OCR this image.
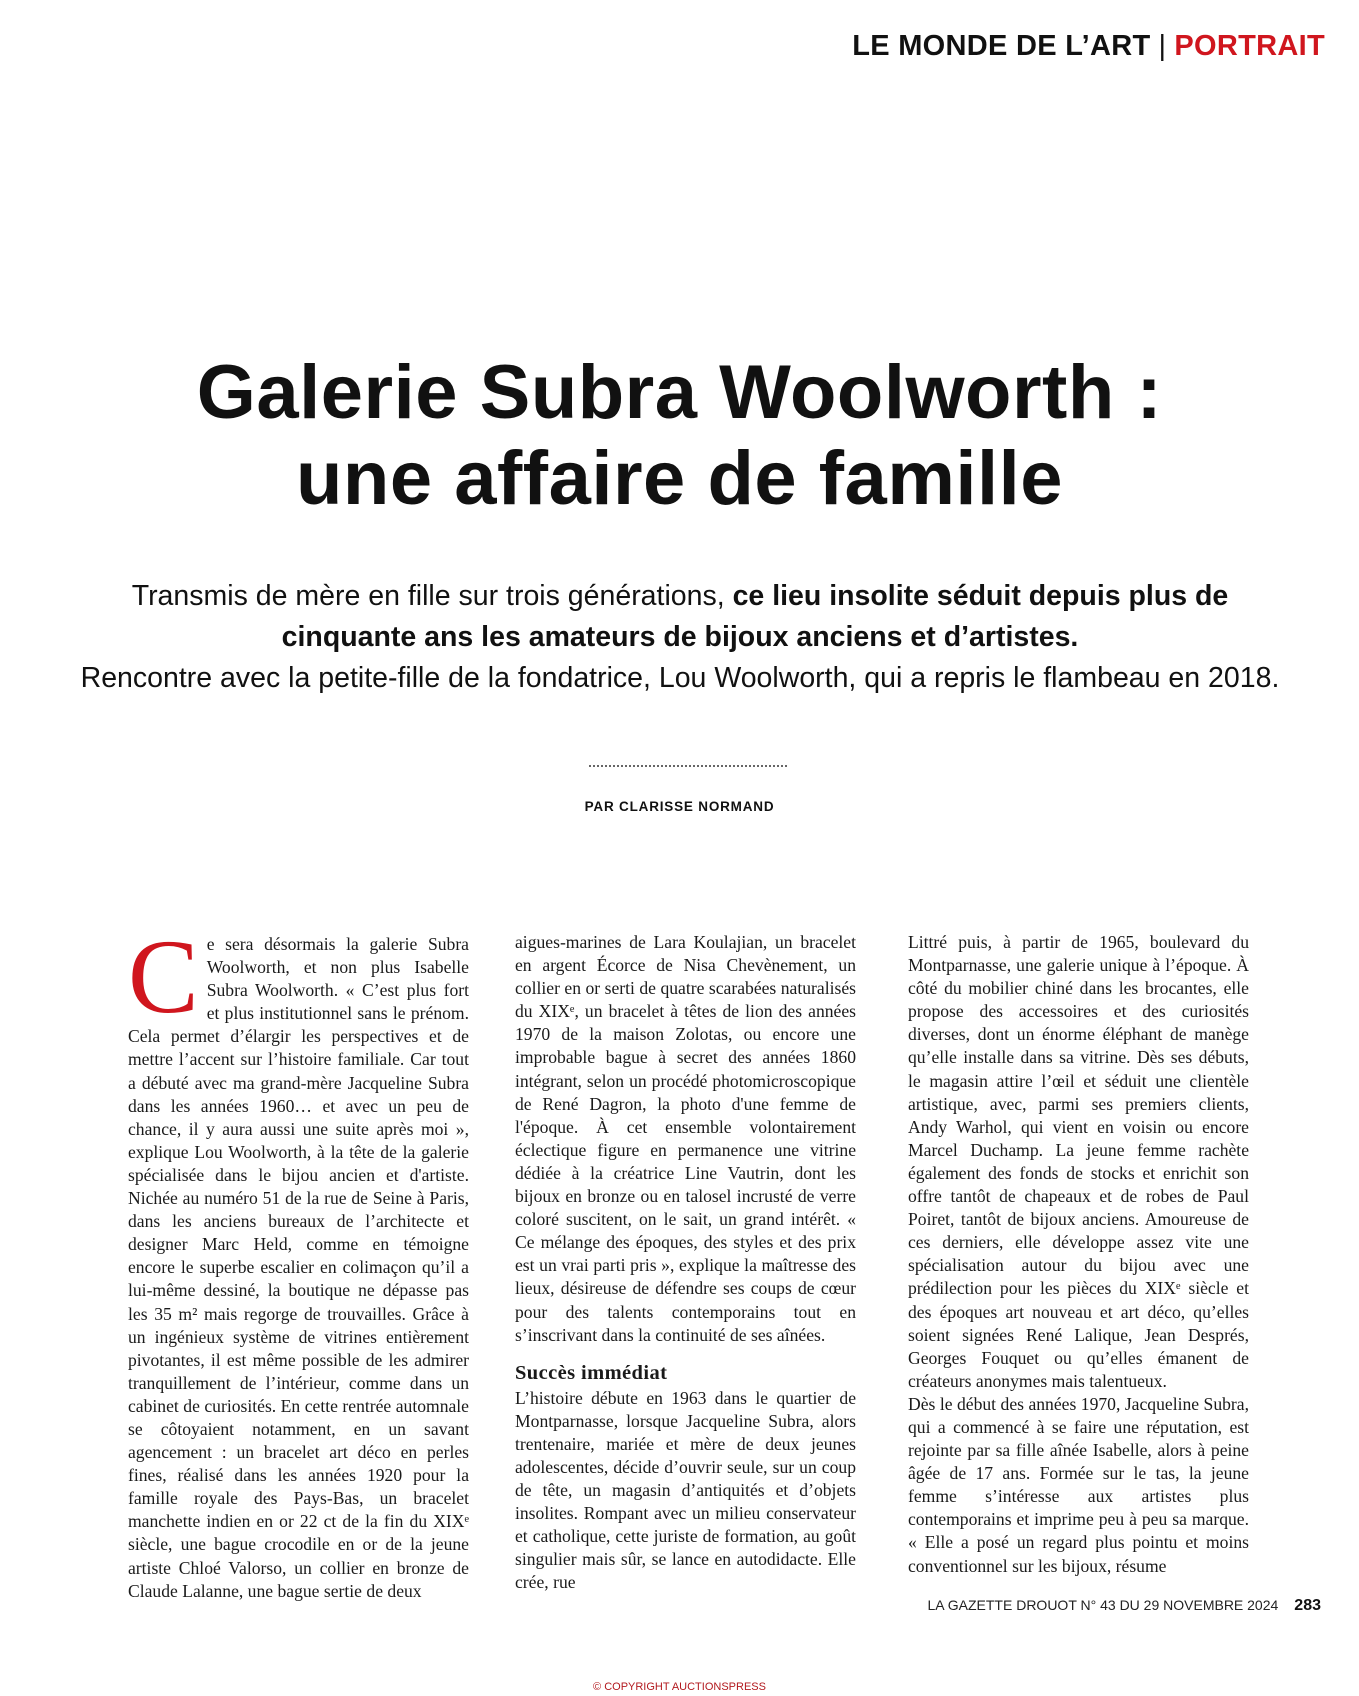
LE MONDE DE L’ART | PORTRAIT
Galerie Subra Woolworth :
une affaire de famille

Transmis de mère en fille sur trois générations, ce lieu insolite séduit depuis plus de cinquante ans les amateurs de bijoux anciens et d’artistes.
Rencontre avec la petite-fille de la fondatrice, Lou Woolworth, qui a repris le flambeau en 2018.

PAR CLARISSE NORMAND
C e sera désormais la galerie Subra Woolworth, et non plus Isabelle Subra Woolworth. « C’est plus fort et plus institutionnel sans le prénom. Cela permet d’élargir les perspectives et de mettre l’accent sur l’histoire familiale. Car tout a débuté avec ma grand-mère Jacqueline Subra dans les années 1960… et avec un peu de chance, il y aura aussi une suite après moi », explique Lou Woolworth, à la tête de la galerie spécialisée dans le bijou ancien et d'artiste. Nichée au numéro 51 de la rue de Seine à Paris, dans les anciens bureaux de l’architecte et designer Marc Held, comme en témoigne encore le superbe escalier en colimaçon qu’il a lui-même dessiné, la boutique ne dépasse pas les 35 m² mais regorge de trouvailles. Grâce à un ingénieux système de vitrines entièrement pivotantes, il est même possible de les admirer tranquillement de l’intérieur, comme dans un cabinet de curiosités. En cette rentrée automnale se côtoyaient notamment, en un savant agencement : un bracelet art déco en perles fines, réalisé dans les années 1920 pour la famille royale des Pays-Bas, un bracelet manchette indien en or 22 ct de la fin du XIXᵉ siècle, une bague crocodile en or de la jeune artiste Chloé Valorso, un collier en bronze de Claude Lalanne, une bague sertie de deux

aigues-marines de Lara Koulajian, un bracelet en argent Écorce de Nisa Chevènement, un collier en or serti de quatre scarabées naturalisés du XIXᵉ, un bracelet à têtes de lion des années 1970 de la maison Zolotas, ou encore une improbable bague à secret des années 1860 intégrant, selon un procédé photomicroscopique de René Dagron, la photo d'une femme de l'époque. À cet ensemble volontairement éclectique figure en permanence une vitrine dédiée à la créatrice Line Vautrin, dont les bijoux en bronze ou en talosel incrusté de verre coloré suscitent, on le sait, un grand intérêt. « Ce mélange des époques, des styles et des prix est un vrai parti pris », explique la maîtresse des lieux, désireuse de défendre ses coups de cœur pour des talents contemporains tout en s’inscrivant dans la continuité de ses aînées.

Succès immédiat

L’histoire débute en 1963 dans le quartier de Montparnasse, lorsque Jacqueline Subra, alors trentenaire, mariée et mère de deux jeunes adolescentes, décide d’ouvrir seule, sur un coup de tête, un magasin d’antiquités et d’objets insolites. Rompant avec un milieu conservateur et catholique, cette juriste de formation, au goût singulier mais sûr, se lance en autodidacte. Elle crée, rue

Littré puis, à partir de 1965, boulevard du Montparnasse, une galerie unique à l’époque. À côté du mobilier chiné dans les brocantes, elle propose des accessoires et des curiosités diverses, dont un énorme éléphant de manège qu’elle installe dans sa vitrine. Dès ses débuts, le magasin attire l’œil et séduit une clientèle artistique, avec, parmi ses premiers clients, Andy Warhol, qui vient en voisin ou encore Marcel Duchamp. La jeune femme rachète également des fonds de stocks et enrichit son offre tantôt de chapeaux et de robes de Paul Poiret, tantôt de bijoux anciens. Amoureuse de ces derniers, elle développe assez vite une spécialisation autour du bijou avec une prédilection pour les pièces du XIXᵉ siècle et des époques art nouveau et art déco, qu’elles soient signées René Lalique, Jean Després, Georges Fouquet ou qu’elles émanent de créateurs anonymes mais talentueux.

Dès le début des années 1970, Jacqueline Subra, qui a commencé à se faire une réputation, est rejointe par sa fille aînée Isabelle, alors à peine âgée de 17 ans. Formée sur le tas, la jeune femme s’intéresse aux artistes plus contemporains et imprime peu à peu sa marque. « Elle a posé un regard plus pointu et moins conventionnel sur les bijoux, résume

LA GAZETTE DROUOT N° 43 DU 29 NOVEMBRE 2024 283
© COPYRIGHT AUCTIONSPRESS
